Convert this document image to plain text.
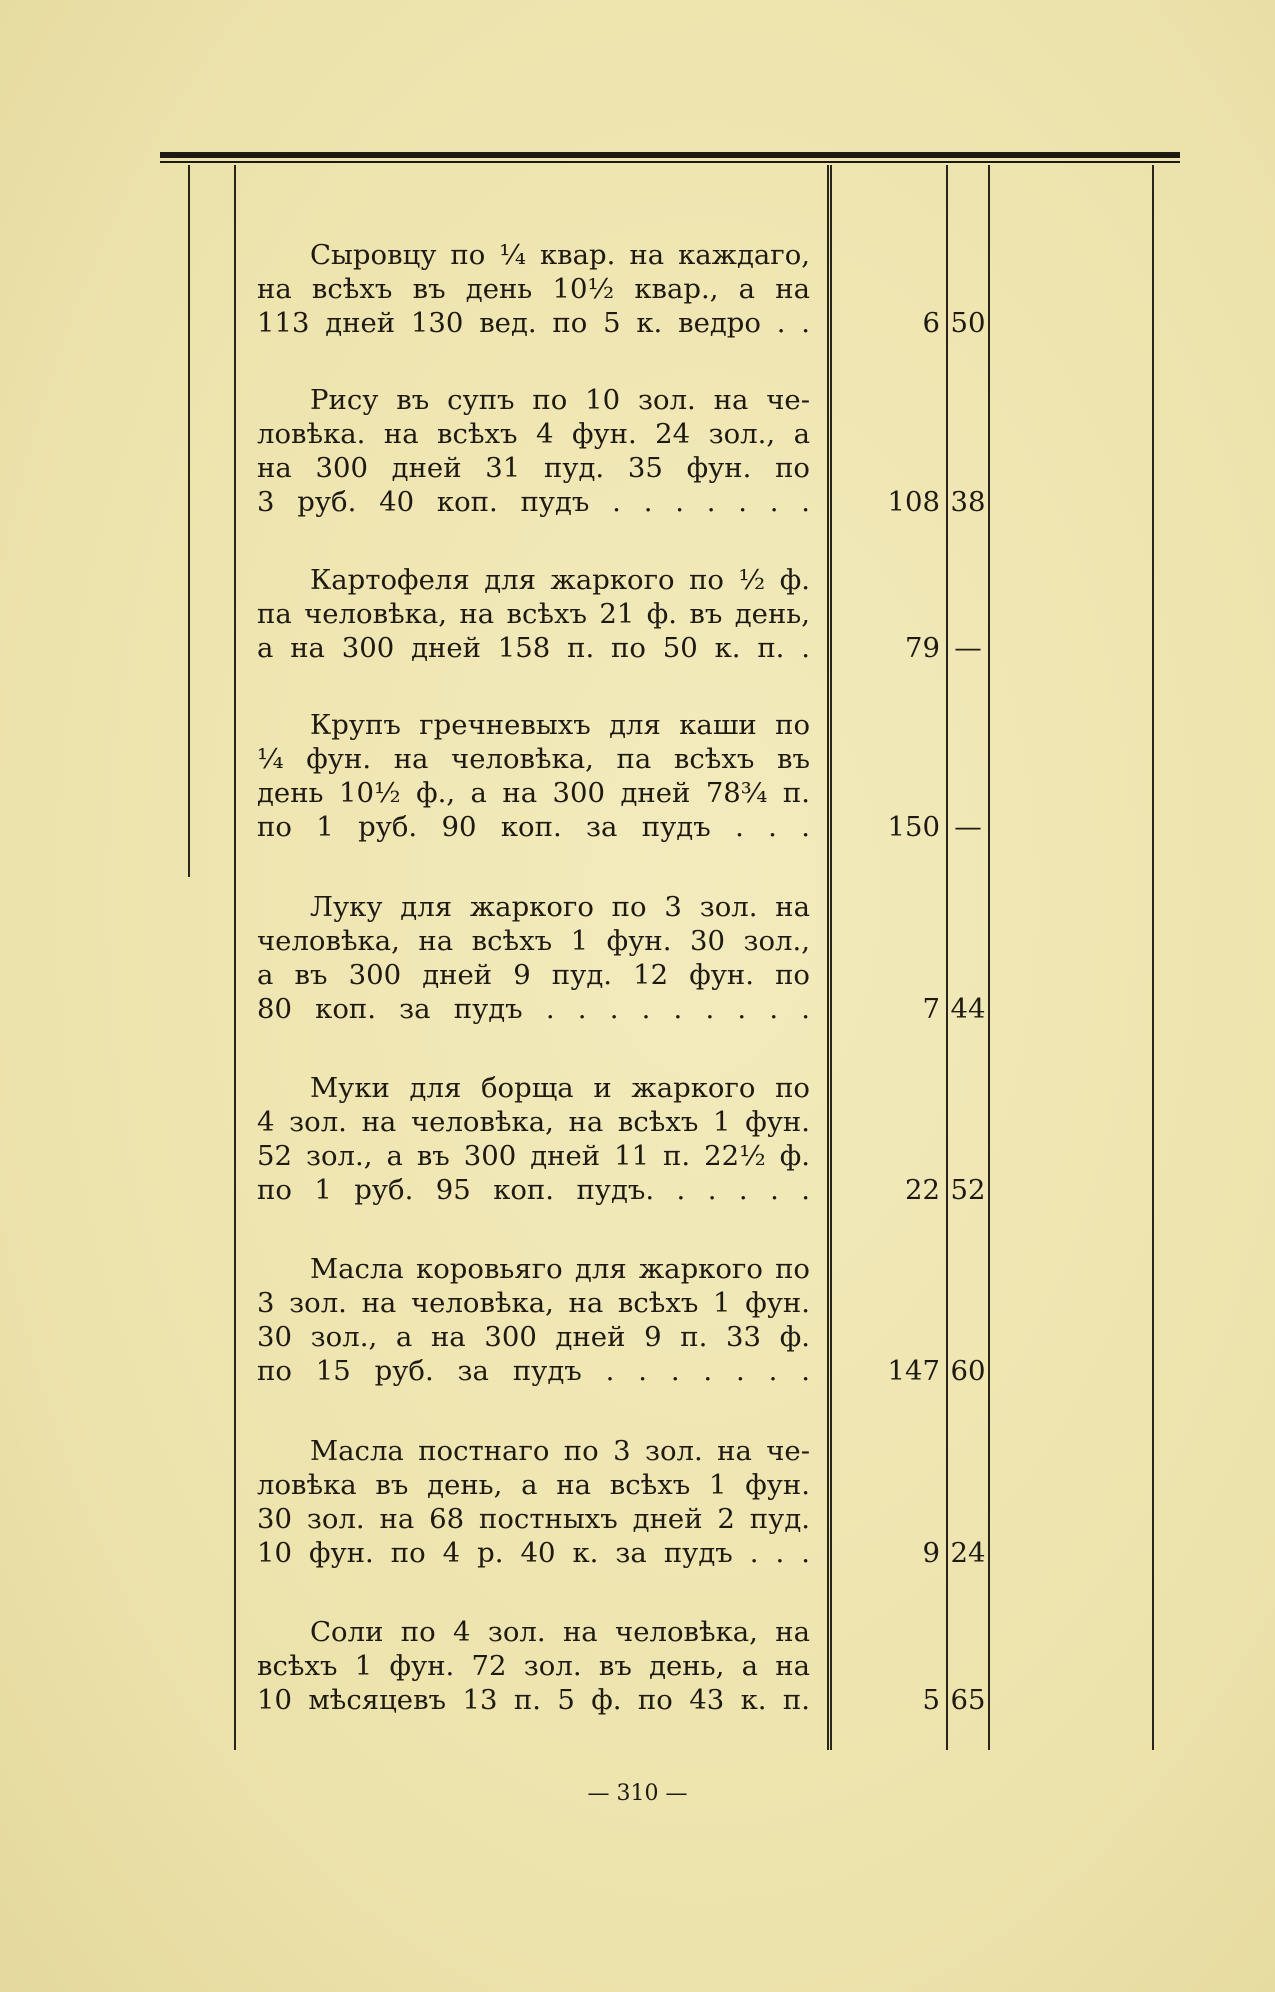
Сыровцу по ¼ квар. на каждаго,
на всѣхъ въ день 10½ квар., а на
113 дней 130 вед. по 5 к. ведро . .	6 50
Рису въ супъ по 10 зол. на че-
ловѣка. на всѣхъ 4 фун. 24 зол., а
на 300 дней 31 пуд. 35 фун. по
3 руб. 40 коп. пудъ . . . . . . .	108 38
Картофеля для жаркого по ½ ф.
па человѣка, на всѣхъ 21 ф. въ день,
а на 300 дней 158 п. по 50 к. п. .	79 —
Крупъ гречневыхъ для каши по
¼ фун. на человѣка, па всѣхъ въ
день 10½ ф., а на 300 дней 78¾ п.
по 1 руб. 90 коп. за пудъ . . .	150 —
Луку для жаркого по 3 зол. на
человѣка, на всѣхъ 1 фун. 30 зол.,
а въ 300 дней 9 пуд. 12 фун. по
80 коп. за пудъ . . . . . . . . .	7 44
Муки для борща и жаркого по
4 зол. на человѣка, на всѣхъ 1 фун.
52 зол., а въ 300 дней 11 п. 22½ ф.
по 1 руб. 95 коп. пудъ. . . . . .	22 52
Масла коровьяго для жаркого по
3 зол. на человѣка, на всѣхъ 1 фун.
30 зол., а на 300 дней 9 п. 33 ф.
по 15 руб. за пудъ . . . . . . .	147 60
Масла постнаго по 3 зол. на че-
ловѣка въ день, а на всѣхъ 1 фун.
30 зол. на 68 постныхъ дней 2 пуд.
10 фун. по 4 р. 40 к. за пудъ . . .	9 24
Соли по 4 зол. на человѣка, на
всѣхъ 1 фун. 72 зол. въ день, а на
10 мѣсяцевъ 13 п. 5 ф. по 43 к. п.	5 65
— 310 —
